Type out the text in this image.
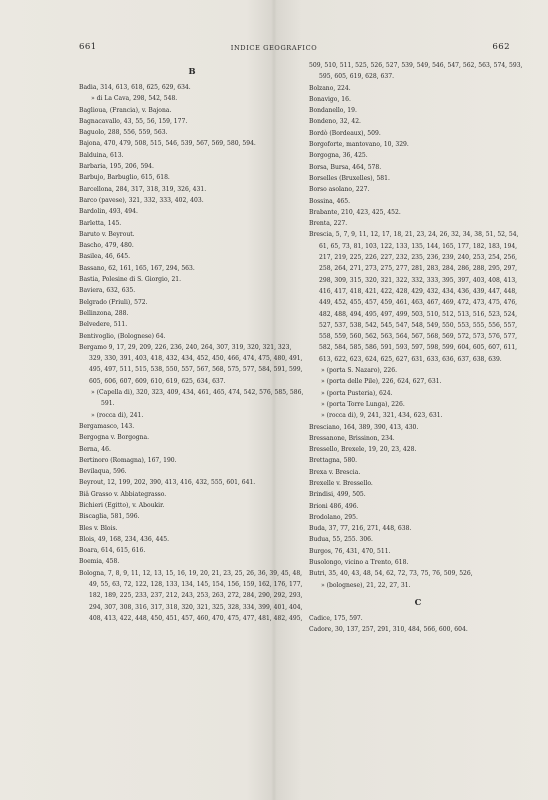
661	INDICE GEOGRAFICO	662
B
Badia, 314, 613, 618, 625, 629, 634.
» di La Cava, 298, 542, 548.
Baglioua, (Francia), v. Bajona.
Bagnacavallo, 43, 55, 56, 159, 177.
Baguolo, 288, 556, 559, 563.
Bajona, 470, 479, 508, 515, 546, 539, 567, 569, 580, 594.
Balduina, 613.
Barbaria, 195, 206, 594.
Barbujo, Barbuglio, 615, 618.
Barcellona, 284, 317, 318, 319, 326, 431.
Barco (pavese), 321, 332, 333, 402, 403.
Bardolin, 493, 494.
Barletta, 145.
Baruto v. Beyrout.
Bascho, 479, 480.
Basilea, 46, 645.
Bassano, 62, 161, 165, 167, 294, 563.
Bastia, Polesine di S. Giorgio, 21.
Baviera, 632, 635.
Belgrado (Friuli), 572.
Bellinzona, 288.
Belvedere, 511.
Bentivoglio, (Bolognese) 64.
Bergamo 9, 17, 29, 209, 226, 236, 240, 264, 307, 319, 320, 321, 323, 329, 330, 391, 403, 418, 432, 434, 452, 450, 466, 474, 475, 480, 491, 495, 497, 511, 515, 538, 550, 557, 567, 568, 575, 577, 584, 591, 599, 605, 606, 607, 609, 610, 619, 625, 634, 637.
» (Capella di), 320, 323, 409, 434, 461, 465, 474, 542, 576, 585, 586, 591.
» (rocca di), 241.
Bergamasco, 143.
Bergogna v. Borgogna.
Berna, 46.
Bertinoro (Romagna), 167, 190.
Bevilaqua, 596.
Beyrout, 12, 199, 202, 390, 413, 416, 432, 555, 601, 641.
Biâ Grasso v. Abbiategrasso.
Bichieri (Egitto), v. Aboukir.
Biscaglia, 581, 596.
Bles v. Blois.
Blois, 49, 168, 234, 436, 445.
Boara, 614, 615, 616.
Boemia, 458.
Bologna, 7, 8, 9, 11, 12, 13, 15, 16, 19, 20, 21, 23, 25, 26, 36, 39, 45, 48, 49, 55, 63, 72, 122, 128, 133, 134, 145, 154, 156, 159, 162, 176, 177, 182, 189, 225, 233, 237, 212, 243, 253, 263, 272, 284, 290, 292, 293, 294, 307, 308, 316, 317, 318, 320, 321, 325, 328, 334, 399, 401, 404, 408, 413, 422, 448, 450, 451, 457, 460, 470, 475, 477, 481, 482, 495,
509, 510, 511, 525, 526, 527, 539, 549, 546, 547, 562, 563, 574, 593, 595, 605, 619, 628, 637.
Bolzano, 224.
Bonavigo, 16.
Bondanello, 19.
Bondeno, 32, 42.
Bordò (Bordeaux), 509.
Borgoforte, mantovano, 10, 329.
Borgogna, 36, 425.
Borsa, Bursa, 464, 578.
Borselles (Bruxelles), 581.
Borso asolano, 227.
Bossina, 465.
Brabante, 210, 423, 425, 452.
Brenta, 227.
Brescia, 5, 7, 9, 11, 12, 17, 18, 21, 23, 24, 26, 32, 34, 38, 51, 52, 54, 61, 65, 73, 81, 103, 122, 133, 135, 144, 165, 177, 182, 183, 194, 217, 219, 225, 226, 227, 232, 235, 236, 239, 240, 253, 254, 256, 258, 264, 271, 273, 275, 277, 281, 283, 284, 286, 288, 295, 297, 298, 309, 315, 320, 321, 322, 332, 333, 395, 397, 403, 408, 413, 416, 417, 418, 421, 422, 428, 429, 432, 434, 436, 439, 447, 448, 449, 452, 455, 457, 459, 461, 463, 467, 469, 472, 473, 475, 476, 482, 488, 494, 495, 497, 499, 503, 510, 512, 513, 516, 523, 524, 527, 537, 538, 542, 545, 547, 548, 549, 550, 553, 555, 556, 557, 558, 559, 560, 562, 563, 564, 567, 568, 569, 572, 573, 576, 577, 582, 584, 585, 586, 591, 593, 597, 598, 599, 604, 605, 607, 611, 613, 622, 623, 624, 625, 627, 631, 633, 636, 637, 638, 639.
» (porta S. Nazaro), 226.
» (porta delle Pile), 226, 624, 627, 631.
» (porta Pusteria), 624.
» (porta Torre Lunga), 226.
» (rocca di), 9, 241, 321, 434, 623, 631.
Bresciano, 164, 389, 390, 413, 430.
Bressanone, Brissinon, 234.
Bressello, Brexele, 19, 20, 23, 428.
Brettagna, 580.
Brexa v. Brescia.
Brexelle v. Bressello.
Brindisi, 499, 505.
Brioni 486, 496.
Brodolano, 295.
Buda, 37, 77, 216, 271, 448, 638.
Budua, 55, 255. 306.
Burgos, 76, 431, 470, 511.
Busolongo, vicino a Trento, 618.
Butri, 35, 40, 43, 48, 54, 62, 72, 73, 75, 76, 509, 526,
» (bolognese), 21, 22, 27, 31.
C
Cadice, 175, 597.
Cadore, 30, 137, 257, 291, 310, 484, 566, 600, 604.
